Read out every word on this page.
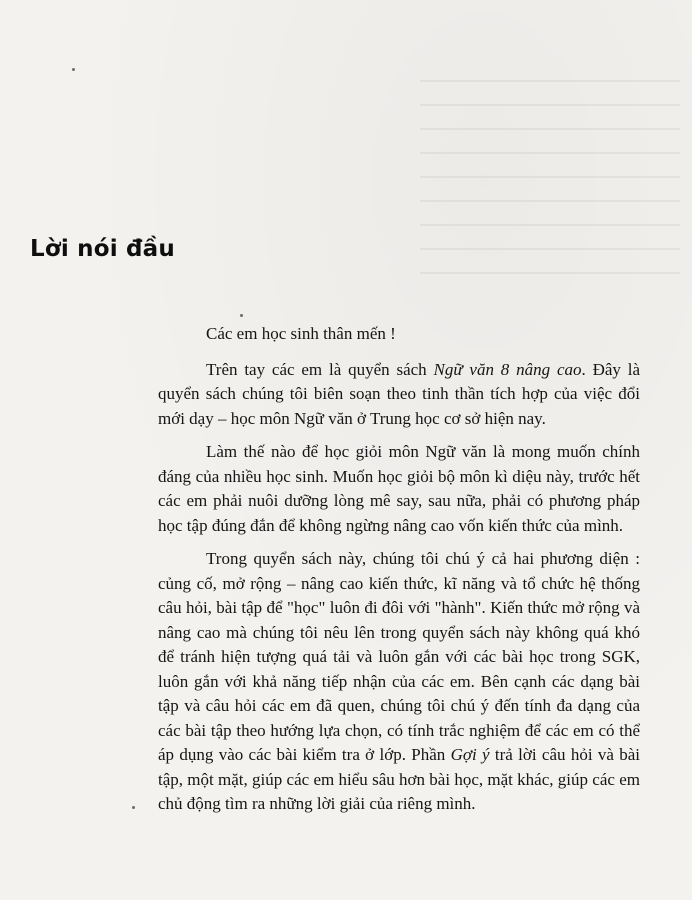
Lời nói đầu

Các em học sinh thân mến !

Trên tay các em là quyển sách Ngữ văn 8 nâng cao. Đây là quyển sách chúng tôi biên soạn theo tinh thần tích hợp của việc đổi mới dạy – học môn Ngữ văn ở Trung học cơ sở hiện nay.

Làm thế nào để học giỏi môn Ngữ văn là mong muốn chính đáng của nhiều học sinh. Muốn học giỏi bộ môn kì diệu này, trước hết các em phải nuôi dưỡng lòng mê say, sau nữa, phải có phương pháp học tập đúng đắn để không ngừng nâng cao vốn kiến thức của mình.

Trong quyển sách này, chúng tôi chú ý cả hai phương diện : củng cố, mở rộng – nâng cao kiến thức, kĩ năng và tổ chức hệ thống câu hỏi, bài tập để "học" luôn đi đôi với "hành". Kiến thức mở rộng và nâng cao mà chúng tôi nêu lên trong quyển sách này không quá khó để tránh hiện tượng quá tải và luôn gắn với các bài học trong SGK, luôn gắn với khả năng tiếp nhận của các em. Bên cạnh các dạng bài tập và câu hỏi các em đã quen, chúng tôi chú ý đến tính đa dạng của các bài tập theo hướng lựa chọn, có tính trắc nghiệm để các em có thể áp dụng vào các bài kiểm tra ở lớp. Phần Gợi ý trả lời câu hỏi và bài tập, một mặt, giúp các em hiểu sâu hơn bài học, mặt khác, giúp các em chủ động tìm ra những lời giải của riêng mình.
